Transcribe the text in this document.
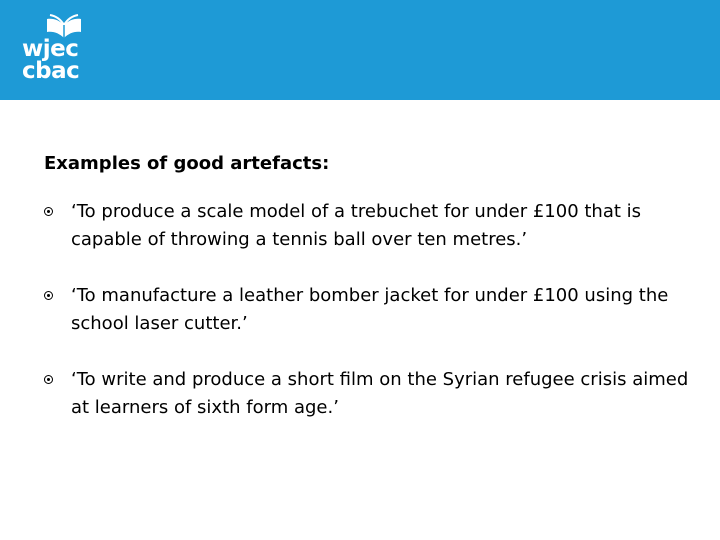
wjec
cbac
Examples of good artefacts:
‘To produce a scale model of a trebuchet for under £100 that is capable of throwing a tennis ball over ten metres.’
‘To manufacture a leather bomber jacket for under £100 using the school laser cutter.’
‘To write and produce a short film on the Syrian refugee crisis aimed at learners of sixth form age.’
